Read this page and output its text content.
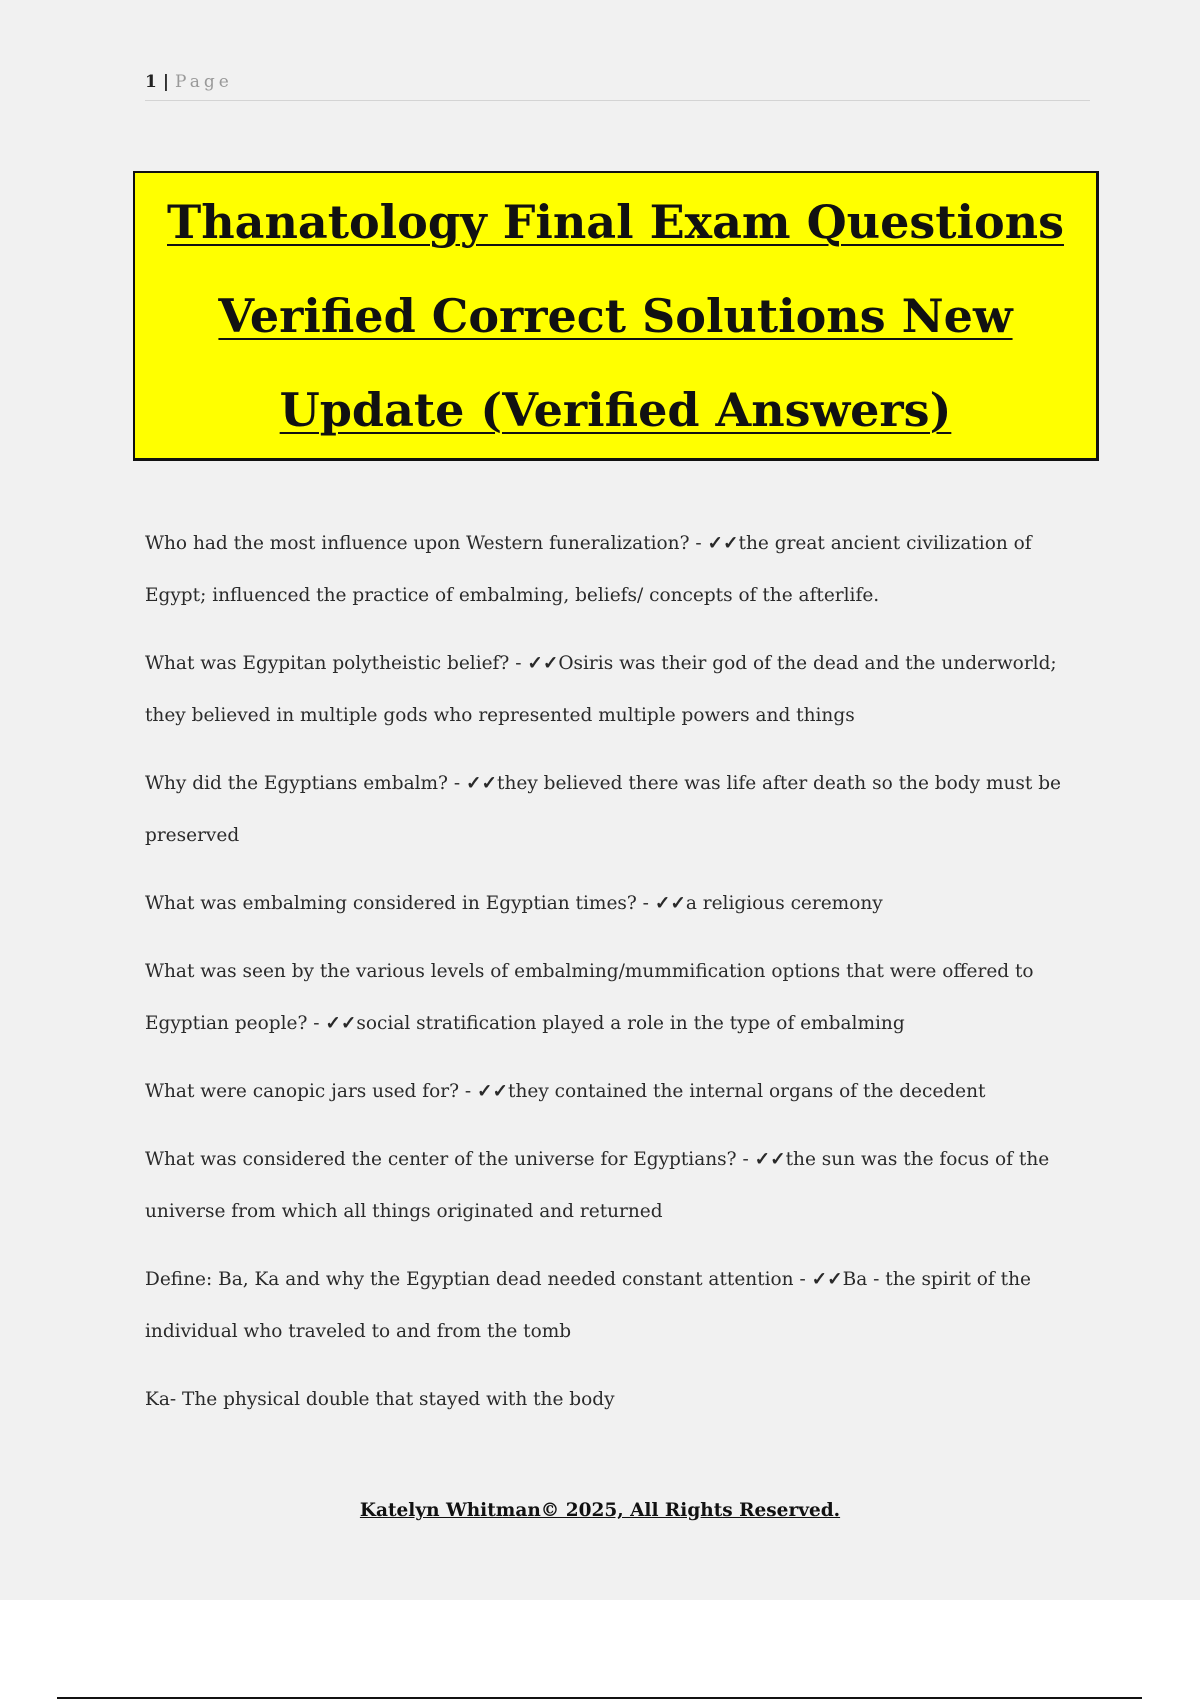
1 | Page
Thanatology Final Exam Questions
Verified Correct Solutions New
Update (Verified Answers)
Who had the most influence upon Western funeralization? - ✓✓the great ancient civilization of Egypt; influenced the practice of embalming, beliefs/ concepts of the afterlife.
What was Egypitan polytheistic belief? - ✓✓Osiris was their god of the dead and the underworld; they believed in multiple gods who represented multiple powers and things
Why did the Egyptians embalm? - ✓✓they believed there was life after death so the body must be preserved
What was embalming considered in Egyptian times? - ✓✓a religious ceremony
What was seen by the various levels of embalming/mummification options that were offered to Egyptian people? - ✓✓social stratification played a role in the type of embalming
What were canopic jars used for? - ✓✓they contained the internal organs of the decedent
What was considered the center of the universe for Egyptians? - ✓✓the sun was the focus of the universe from which all things originated and returned
Define: Ba, Ka and why the Egyptian dead needed constant attention - ✓✓Ba - the spirit of the individual who traveled to and from the tomb
Ka- The physical double that stayed with the body
Katelyn Whitman© 2025, All Rights Reserved.
